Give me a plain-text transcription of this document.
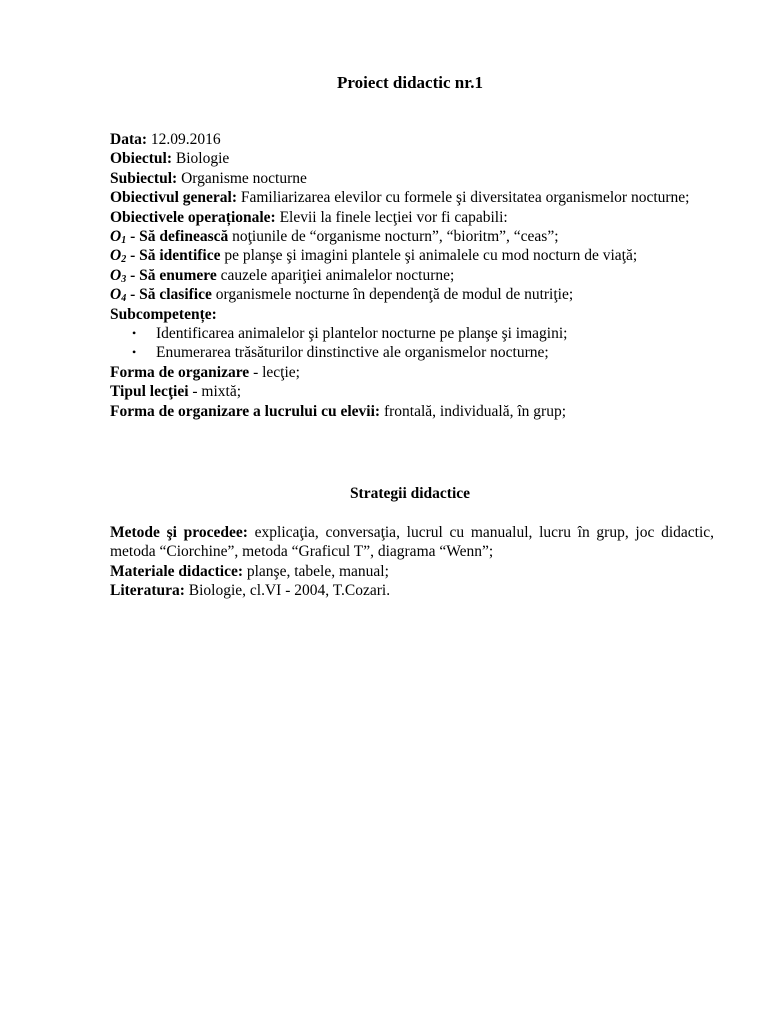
Proiect didactic nr.1

Data: 12.09.2016

Obiectul: Biologie

Subiectul: Organisme nocturne

Obiectivul general: Familiarizarea elevilor cu formele şi diversitatea organismelor nocturne;

Obiectivele operaționale: Elevii la finele lecţiei vor fi capabili:

$O_1$ - Să definească noţiunile de “organisme nocturn”, “bioritm”, “ceas”;

$O_2$ - Să identifice pe planşe şi imagini plantele şi animalele cu mod nocturn de viaţă;

$O_3$ - Să enumere cauzele apariţiei animalelor nocturne;

$O_4$ - Să clasifice organismele nocturne în dependenţă de modul de nutriţie;

Subcompetențe:

• Identificarea animalelor şi plantelor nocturne pe planşe şi imagini;
• Enumerarea trăsăturilor dinstinctive ale organismelor nocturne;

Forma de organizare - lecţie;

Tipul lecţiei - mixtă;

Forma de organizare a lucrului cu elevii: frontală, individuală, în grup;

Strategii didactice

Metode şi procedee: explicaţia, conversaţia, lucrul cu manualul, lucru în grup, joc didactic, metoda “Ciorchine”, metoda “Graficul T”, diagrama “Wenn”;

Materiale didactice: planşe, tabele, manual;

Literatura: Biologie, cl.VI - 2004, T.Cozari.
